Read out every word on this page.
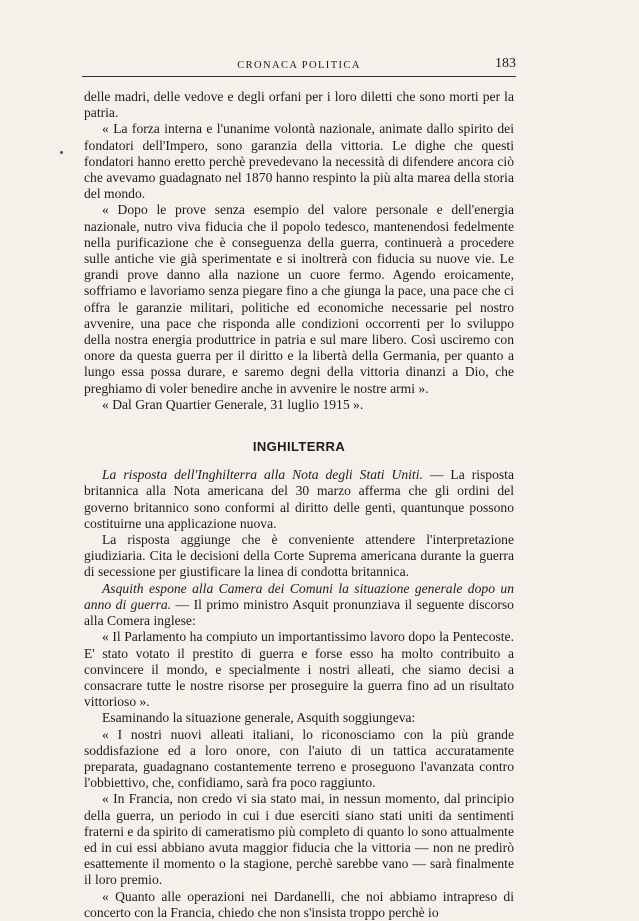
CRONACA POLITICA	183

delle madri, delle vedove e degli orfani per i loro diletti che sono morti per la patria.

« La forza interna e l'unanime volontà nazionale, animate dallo spirito dei fondatori dell'Impero, sono garanzia della vittoria. Le dighe che questi fondatori hanno eretto perchè prevedevano la necessità di difendere ancora ciò che avevamo guadagnato nel 1870 hanno respinto la più alta marea della storia del mondo.

« Dopo le prove senza esempio del valore personale e dell'energia nazionale, nutro viva fiducia che il popolo tedesco, mantenendosi fedelmente nella purificazione che è conseguenza della guerra, continuerà a procedere sulle antiche vie già sperimentate e si inoltrerà con fiducia su nuove vie. Le grandi prove danno alla nazione un cuore fermo. Agendo eroicamente, soffriamo e lavoriamo senza piegare fino a che giunga la pace, una pace che ci offra le garanzie militari, politiche ed economiche necessarie pel nostro avvenire, una pace che risponda alle condizioni occorrenti per lo sviluppo della nostra energia produttrice in patria e sul mare libero. Così usciremo con onore da questa guerra per il diritto e la libertà della Germania, per quanto a lungo essa possa durare, e saremo degni della vittoria dinanzi a Dio, che preghiamo di voler benedire anche in avvenire le nostre armi ».

« Dal Gran Quartier Generale, 31 luglio 1915 ».

INGHILTERRA

La risposta dell'Inghilterra alla Nota degli Stati Uniti. — La risposta britannica alla Nota americana del 30 marzo afferma che gli ordini del governo britannico sono conformi al diritto delle genti, quantunque possono costituirne una applicazione nuova.

La risposta aggiunge che è conveniente attendere l'interpretazione giudiziaria. Cita le decisioni della Corte Suprema americana durante la guerra di secessione per giustificare la linea di condotta britannica.

Asquith espone alla Camera dei Comuni la situazione generale dopo un anno di guerra. — Il primo ministro Asquit pronunziava il seguente discorso alla Comera inglese:

« Il Parlamento ha compiuto un importantissimo lavoro dopo la Pentecoste. E' stato votato il prestito di guerra e forse esso ha molto contribuito a convincere il mondo, e specialmente i nostri alleati, che siamo decisi a consacrare tutte le nostre risorse per proseguire la guerra fino ad un risultato vittorioso ».

Esaminando la situazione generale, Asquith soggiungeva:

« I nostri nuovi alleati italiani, lo riconosciamo con la più grande soddisfazione ed a loro onore, con l'aiuto di un tattica accuratamente preparata, guadagnano costantemente terreno e proseguono l'avanzata contro l'obbiettivo, che, confidiamo, sarà fra poco raggiunto.

« In Francia, non credo vi sia stato mai, in nessun momento, dal principio della guerra, un periodo in cui i due eserciti siano stati uniti da sentimenti fraterni e da spirito di cameratismo più completo di quanto lo sono attualmente ed in cui essi abbiano avuta maggior fiducia che la vittoria — non ne predirò esattemente il momento o la stagione, perchè sarebbe vano — sarà finalmente il loro premio.

« Quanto alle operazioni nei Dardanelli, che noi abbiamo intrapreso di concerto con la Francia, chiedo che non s'insista troppo perchè io
